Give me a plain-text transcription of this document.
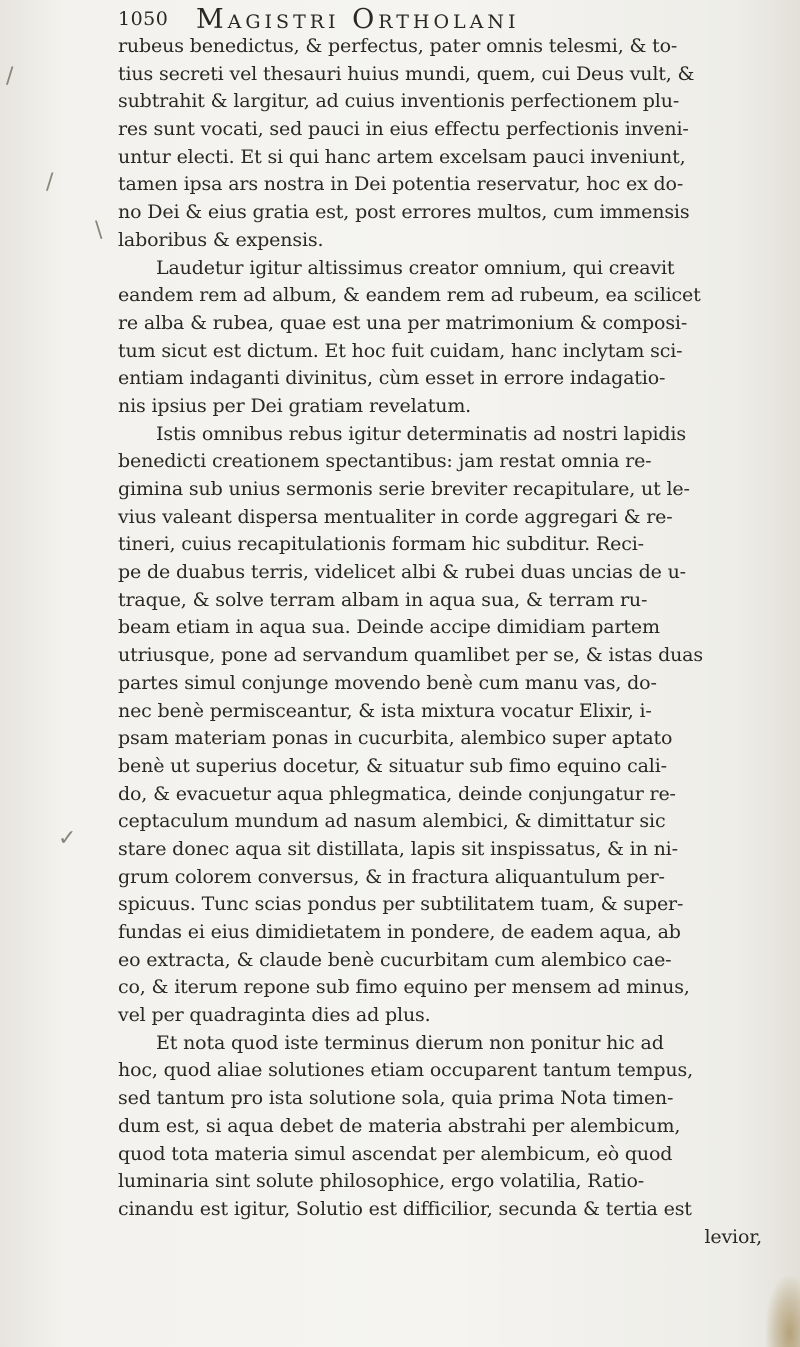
/
/
\
✓
1050 Magistri Ortholani
rubeus benedictus, & perfectus, pater omnis telesmi, & to-
tius secreti vel thesauri huius mundi, quem, cui Deus vult, &
subtrahit & largitur, ad cuius inventionis perfectionem plu-
res sunt vocati, sed pauci in eius effectu perfectionis inveni-
untur electi. Et si qui hanc artem excelsam pauci inveniunt,
tamen ipsa ars nostra in Dei potentia reservatur, hoc ex do-
no Dei & eius gratia est, post errores multos, cum immensis
laboribus & expensis.
Laudetur igitur altissimus creator omnium, qui creavit
eandem rem ad album, & eandem rem ad rubeum, ea scilicet
re alba & rubea, quae est una per matrimonium & composi-
tum sicut est dictum. Et hoc fuit cuidam, hanc inclytam sci-
entiam indaganti divinitus, cùm esset in errore indagatio-
nis ipsius per Dei gratiam revelatum.
Istis omnibus rebus igitur determinatis ad nostri lapidis
benedicti creationem spectantibus: jam restat omnia re-
gimina sub unius sermonis serie breviter recapitulare, ut le-
vius valeant dispersa mentualiter in corde aggregari & re-
tineri, cuius recapitulationis formam hic subditur. Reci-
pe de duabus terris, videlicet albi & rubei duas uncias de u-
traque, & solve terram albam in aqua sua, & terram ru-
beam etiam in aqua sua. Deinde accipe dimidiam partem
utriusque, pone ad servandum quamlibet per se, & istas duas
partes simul conjunge movendo benè cum manu vas, do-
nec benè permisceantur, & ista mixtura vocatur Elixir, i-
psam materiam ponas in cucurbita, alembico super aptato
benè ut superius docetur, & situatur sub fimo equino cali-
do, & evacuetur aqua phlegmatica, deinde conjungatur re-
ceptaculum mundum ad nasum alembici, & dimittatur sic
stare donec aqua sit distillata, lapis sit inspissatus, & in ni-
grum colorem conversus, & in fractura aliquantulum per-
spicuus. Tunc scias pondus per subtilitatem tuam, & super-
fundas ei eius dimidietatem in pondere, de eadem aqua, ab
eo extracta, & claude benè cucurbitam cum alembico cae-
co, & iterum repone sub fimo equino per mensem ad minus,
vel per quadraginta dies ad plus.
Et nota quod iste terminus dierum non ponitur hic ad
hoc, quod aliae solutiones etiam occuparent tantum tempus,
sed tantum pro ista solutione sola, quia prima Nota timen-
dum est, si aqua debet de materia abstrahi per alembicum,
quod tota materia simul ascendat per alembicum, eò quod
luminaria sint solute philosophice, ergo volatilia, Ratio-
cinandu est igitur, Solutio est difficilior, secunda & tertia est
levior,
